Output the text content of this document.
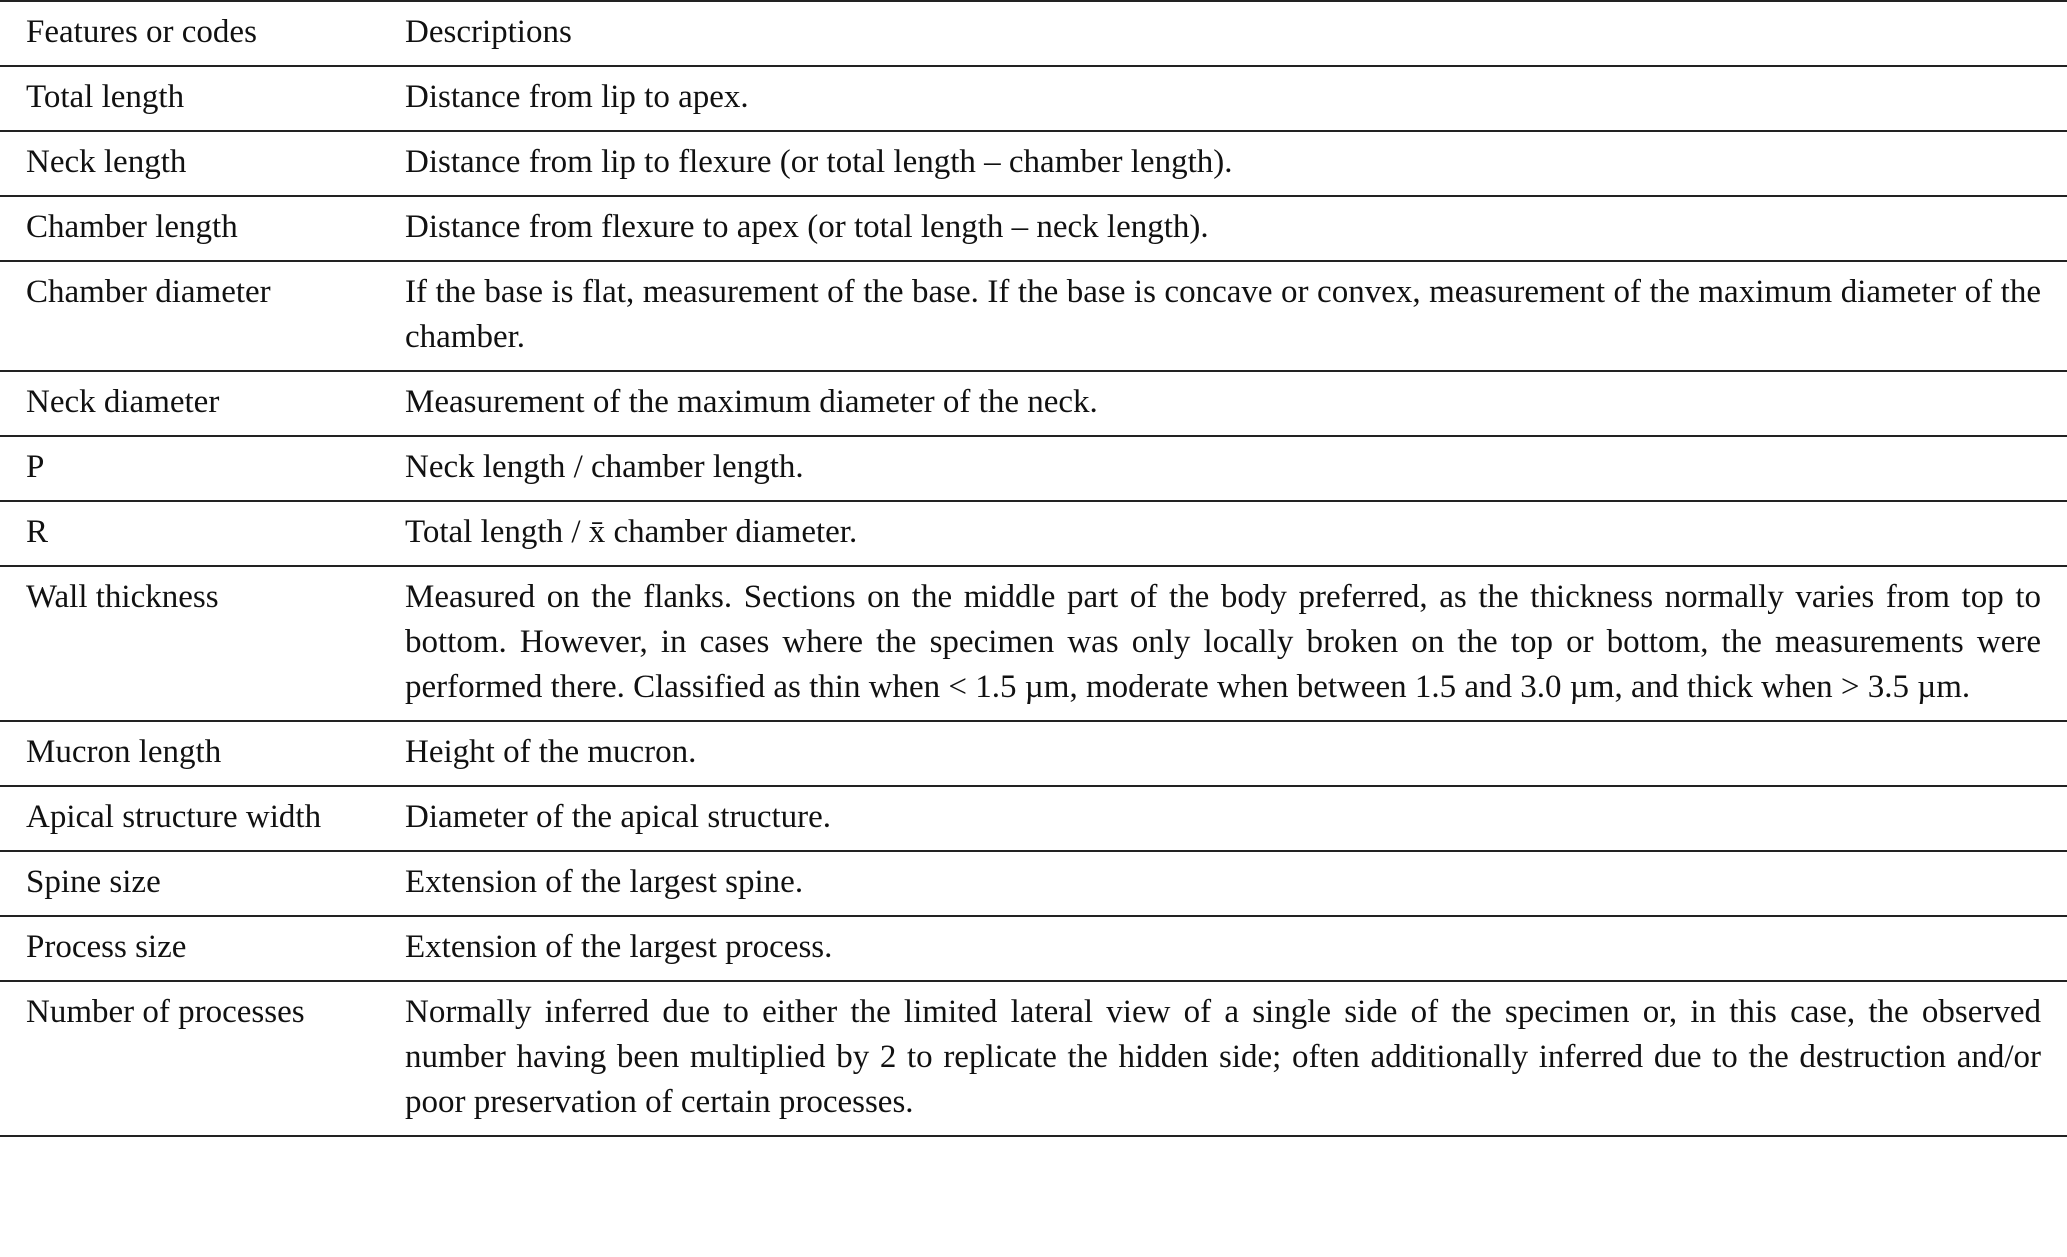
Features or codes	Descriptions
Total length	Distance from lip to apex.
Neck length	Distance from lip to flexure (or total length – chamber length).
Chamber length	Distance from flexure to apex (or total length – neck length).
Chamber diameter	If the base is flat, measurement of the base. If the base is concave or convex, measurement of the maximum diameter of the chamber.
Neck diameter	Measurement of the maximum diameter of the neck.
P	Neck length / chamber length.
R	Total length / x̄ chamber diameter.
Wall thickness	Measured on the flanks. Sections on the middle part of the body preferred, as the thickness normally varies from top to bottom. However, in cases where the specimen was only locally broken on the top or bottom, the measurements were performed there. Classified as thin when < 1.5 µm, moderate when between 1.5 and 3.0 µm, and thick when > 3.5 µm.
Mucron length	Height of the mucron.
Apical structure width	Diameter of the apical structure.
Spine size	Extension of the largest spine.
Process size	Extension of the largest process.
Number of processes	Normally inferred due to either the limited lateral view of a single side of the specimen or, in this case, the observed number having been multiplied by 2 to replicate the hidden side; often additionally inferred due to the destruction and/or poor preservation of certain processes.
